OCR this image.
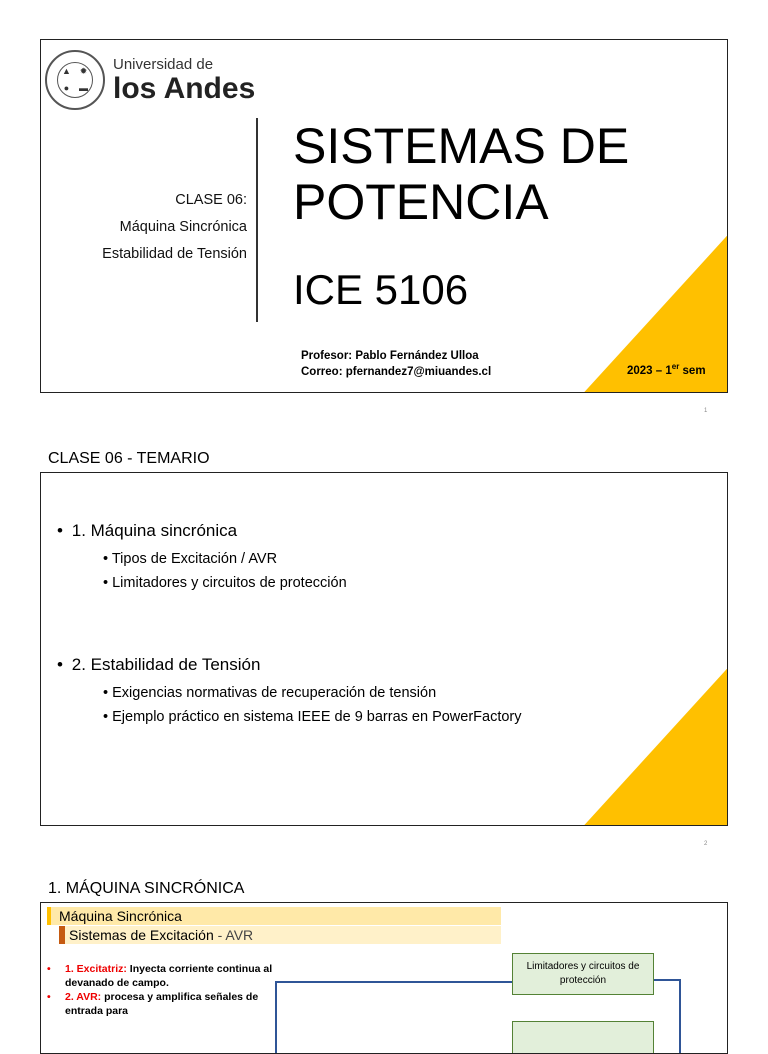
▲ ✹
●	▬
Universidad de
los Andes
CLASE 06:
Máquina Sincrónica
Estabilidad de Tensión
SISTEMAS DE
POTENCIA
ICE 5106
Profesor: Pablo Fernández Ulloa
Correo: pfernandez7@miuandes.cl	2023 – 1er sem
1
CLASE 06 - TEMARIO
• 1. Máquina sincrónica
• Tipos de Excitación / AVR
• Limitadores y circuitos de protección
• 2. Estabilidad de Tensión
• Exigencias normativas de recuperación de tensión
• Ejemplo práctico en sistema IEEE de 9 barras en PowerFactory
2
1. MÁQUINA SINCRÓNICA
Máquina Sincrónica
Sistemas de Excitación - AVR
•	1. Excitatriz: Inyecta corriente continua al devanado de campo.
•	2. AVR: procesa y amplifica señales de entrada para
Limitadores y circuitos de protección
